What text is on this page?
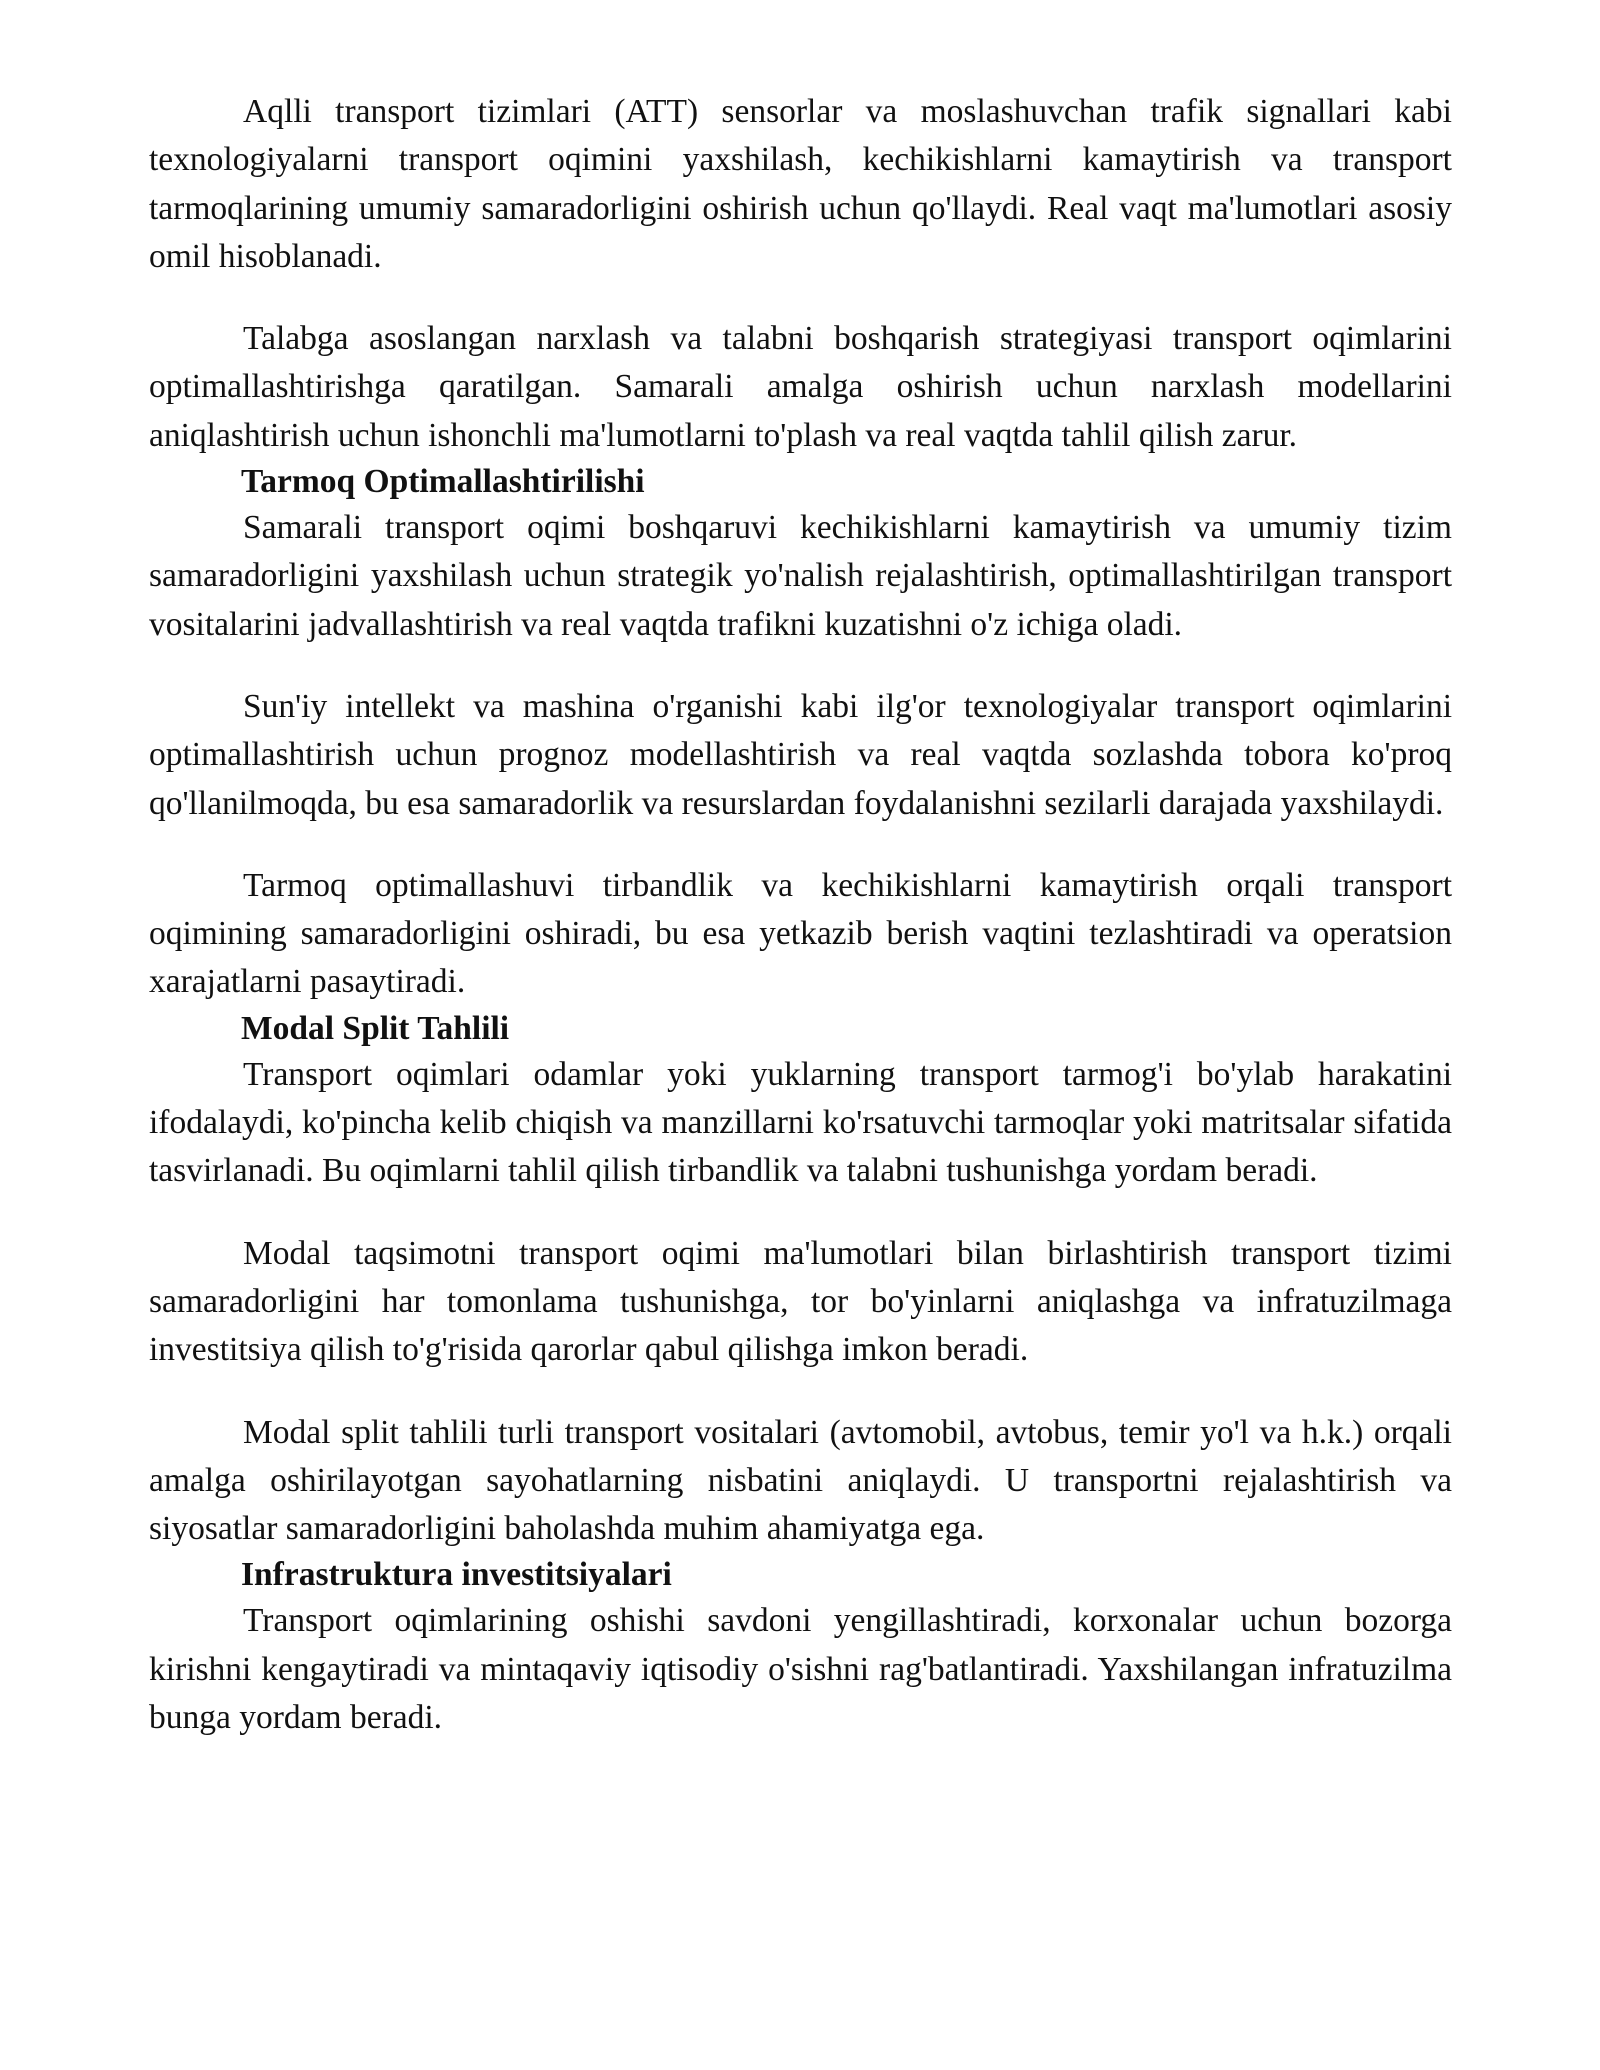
Aqlli transport tizimlari (ATT) sensorlar va moslashuvchan trafik signallari kabi texnologiyalarni transport oqimini yaxshilash, kechikishlarni kamaytirish va transport tarmoqlarining umumiy samaradorligini oshirish uchun qo'llaydi. Real vaqt ma'lumotlari asosiy omil hisoblanadi.

Talabga asoslangan narxlash va talabni boshqarish strategiyasi transport oqimlarini optimallashtirishga qaratilgan. Samarali amalga oshirish uchun narxlash modellarini aniqlashtirish uchun ishonchli ma'lumotlarni to'plash va real vaqtda tahlil qilish zarur.

Tarmoq Optimallashtirilishi

Samarali transport oqimi boshqaruvi kechikishlarni kamaytirish va umumiy tizim samaradorligini yaxshilash uchun strategik yo'nalish rejalashtirish, optimallashtirilgan transport vositalarini jadvallashtirish va real vaqtda trafikni kuzatishni o'z ichiga oladi.

Sun'iy intellekt va mashina o'rganishi kabi ilg'or texnologiyalar transport oqimlarini optimallashtirish uchun prognoz modellashtirish va real vaqtda sozlashda tobora ko'proq qo'llanilmoqda, bu esa samaradorlik va resurslardan foydalanishni sezilarli darajada yaxshilaydi.

Tarmoq optimallashuvi tirbandlik va kechikishlarni kamaytirish orqali transport oqimining samaradorligini oshiradi, bu esa yetkazib berish vaqtini tezlashtiradi va operatsion xarajatlarni pasaytiradi.

Modal Split Tahlili

Transport oqimlari odamlar yoki yuklarning transport tarmog'i bo'ylab harakatini ifodalaydi, ko'pincha kelib chiqish va manzillarni ko'rsatuvchi tarmoqlar yoki matritsalar sifatida tasvirlanadi. Bu oqimlarni tahlil qilish tirbandlik va talabni tushunishga yordam beradi.

Modal taqsimotni transport oqimi ma'lumotlari bilan birlashtirish transport tizimi samaradorligini har tomonlama tushunishga, tor bo'yinlarni aniqlashga va infratuzilmaga investitsiya qilish to'g'risida qarorlar qabul qilishga imkon beradi.

Modal split tahlili turli transport vositalari (avtomobil, avtobus, temir yo'l va h.k.) orqali amalga oshirilayotgan sayohatlarning nisbatini aniqlaydi. U transportni rejalashtirish va siyosatlar samaradorligini baholashda muhim ahamiyatga ega.

Infrastruktura investitsiyalari

Transport oqimlarining oshishi savdoni yengillashtiradi, korxonalar uchun bozorga kirishni kengaytiradi va mintaqaviy iqtisodiy o'sishni rag'batlantiradi. Yaxshilangan infratuzilma bunga yordam beradi.
